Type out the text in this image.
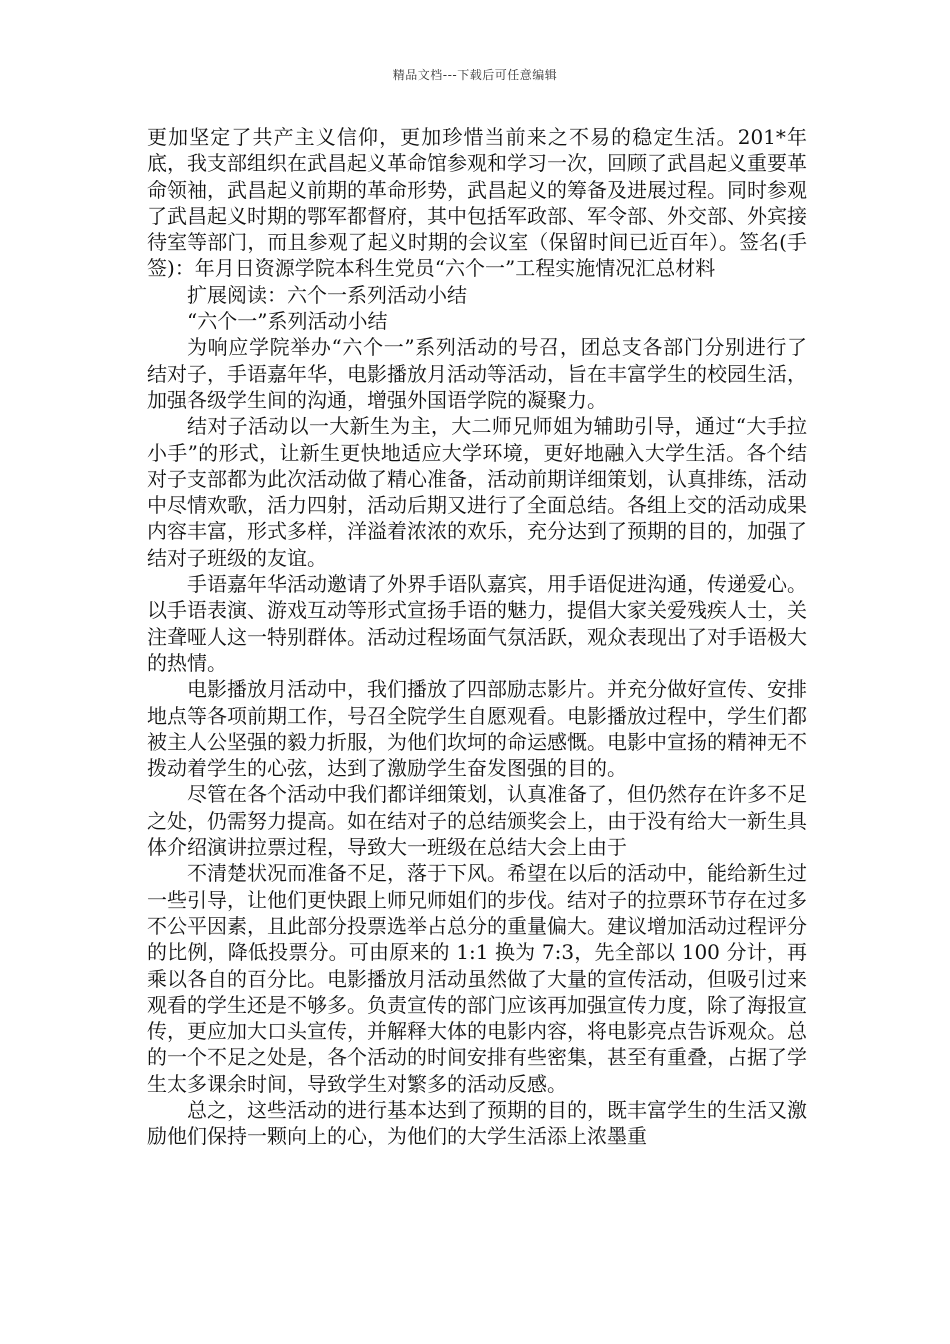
精品文档---下载后可任意编辑

更加坚定了共产主义信仰，更加珍惜当前来之不易的稳定生活。201*年底，我支部组织在武昌起义革命馆参观和学习一次，回顾了武昌起义重要革命领袖，武昌起义前期的革命形势，武昌起义的筹备及进展过程。同时参观了武昌起义时期的鄂军都督府，其中包括军政部、军令部、外交部、外宾接待室等部门，而且参观了起义时期的会议室（保留时间已近百年）。签名(手签)：年月日资源学院本科生党员“六个一”工程实施情况汇总材料

扩展阅读：六个一系列活动小结

“六个一”系列活动小结

为响应学院举办“六个一”系列活动的号召，团总支各部门分别进行了结对子，手语嘉年华，电影播放月活动等活动，旨在丰富学生的校园生活，加强各级学生间的沟通，增强外国语学院的凝聚力。

结对子活动以一大新生为主，大二师兄师姐为辅助引导，通过“大手拉小手”的形式，让新生更快地适应大学环境，更好地融入大学生活。各个结对子支部都为此次活动做了精心准备，活动前期详细策划，认真排练，活动中尽情欢歌，活力四射，活动后期又进行了全面总结。各组上交的活动成果内容丰富，形式多样，洋溢着浓浓的欢乐，充分达到了预期的目的，加强了结对子班级的友谊。

手语嘉年华活动邀请了外界手语队嘉宾，用手语促进沟通，传递爱心。以手语表演、游戏互动等形式宣扬手语的魅力，提倡大家关爱残疾人士，关注聋哑人这一特别群体。活动过程场面气氛活跃，观众表现出了对手语极大的热情。

电影播放月活动中，我们播放了四部励志影片。并充分做好宣传、安排地点等各项前期工作，号召全院学生自愿观看。电影播放过程中，学生们都被主人公坚强的毅力折服，为他们坎坷的命运感慨。电影中宣扬的精神无不拨动着学生的心弦，达到了激励学生奋发图强的目的。

尽管在各个活动中我们都详细策划，认真准备了，但仍然存在许多不足之处，仍需努力提高。如在结对子的总结颁奖会上，由于没有给大一新生具体介绍演讲拉票过程，导致大一班级在总结大会上由于

不清楚状况而准备不足，落于下风。希望在以后的活动中，能给新生过一些引导，让他们更快跟上师兄师姐们的步伐。结对子的拉票环节存在过多不公平因素，且此部分投票选举占总分的重量偏大。建议增加活动过程评分的比例，降低投票分。可由原来的 1:1 换为 7:3，先全部以 100 分计，再乘以各自的百分比。电影播放月活动虽然做了大量的宣传活动，但吸引过来观看的学生还是不够多。负责宣传的部门应该再加强宣传力度，除了海报宣传，更应加大口头宣传，并解释大体的电影内容，将电影亮点告诉观众。总的一个不足之处是，各个活动的时间安排有些密集，甚至有重叠，占据了学生太多课余时间，导致学生对繁多的活动反感。

总之，这些活动的进行基本达到了预期的目的，既丰富学生的生活又激励他们保持一颗向上的心，为他们的大学生活添上浓墨重
